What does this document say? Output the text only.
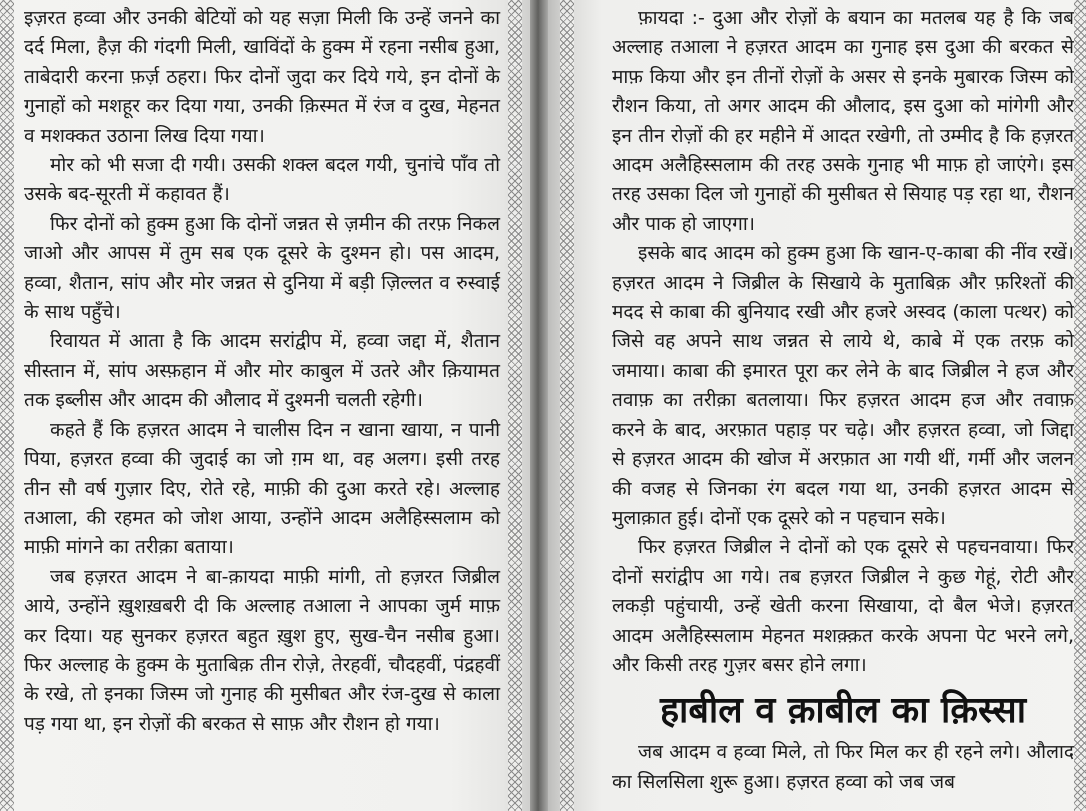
इज़रत हव्वा और उनकी बेटियों को यह सज़ा मिली कि उन्हें जनने का दर्द मिला, हैज़ की गंदगी मिली, खाविंदों के हुक्म में रहना नसीब हुआ, ताबेदारी करना फ़र्ज़ ठहरा। फिर दोनों जुदा कर दिये गये, इन दोनों के गुनाहों को मशहूर कर दिया गया, उनकी क़िस्मत में रंज व दुख, मेहनत व मशक्कत उठाना लिख दिया गया।

मोर को भी सजा दी गयी। उसकी शक्ल बदल गयी, चुनांचे पाँव तो उसके बद-सूरती में कहावत हैं।

फिर दोनों को हुक्म हुआ कि दोनों जन्नत से ज़मीन की तरफ़ निकल जाओ और आपस में तुम सब एक दूसरे के दुश्मन हो। पस आदम, हव्वा, शैतान, सांप और मोर जन्नत से दुनिया में बड़ी ज़िल्लत व रुस्वाई के साथ पहुँचे।

रिवायत में आता है कि आदम सरांद्वीप में, हव्वा जद्दा में, शैतान सीस्तान में, सांप अस्फ़हान में और मोर काबुल में उतरे और क़ियामत तक इब्लीस और आदम की औलाद में दुश्मनी चलती रहेगी।

कहते हैं कि हज़रत आदम ने चालीस दिन न खाना खाया, न पानी पिया, हज़रत हव्वा की जुदाई का जो ग़म था, वह अलग। इसी तरह तीन सौ वर्ष गुज़ार दिए, रोते रहे, माफ़ी की दुआ करते रहे। अल्लाह तआला, की रहमत को जोश आया, उन्होंने आदम अलैहिस्सलाम को माफ़ी मांगने का तरीक़ा बताया।

जब हज़रत आदम ने बा-क़ायदा माफ़ी मांगी, तो हज़रत जिब्रील आये, उन्होंने ख़ुशख़बरी दी कि अल्लाह तआला ने आपका जुर्म माफ़ कर दिया। यह सुनकर हज़रत बहुत ख़ुश हुए, सुख-चैन नसीब हुआ। फिर अल्लाह के हुक्म के मुताबिक़ तीन रोज़े, तेरहवीं, चौदहवीं, पंद्रहवीं के रखे, तो इनका जिस्म जो गुनाह की मुसीबत और रंज-दुख से काला पड़ गया था, इन रोज़ों की बरकत से साफ़ और रौशन हो गया।

फ़ायदा :- दुआ और रोज़ों के बयान का मतलब यह है कि जब अल्लाह तआला ने हज़रत आदम का गुनाह इस दुआ की बरकत से माफ़ किया और इन तीनों रोज़ों के असर से इनके मुबारक जिस्म को रौशन किया, तो अगर आदम की औलाद, इस दुआ को मांगेगी और इन तीन रोज़ों की हर महीने में आदत रखेगी, तो उम्मीद है कि हज़रत आदम अलैहिस्सलाम की तरह उसके गुनाह भी माफ़ हो जाएंगे। इस तरह उसका दिल जो गुनाहों की मुसीबत से सियाह पड़ रहा था, रौशन और पाक हो जाएगा।

इसके बाद आदम को हुक्म हुआ कि खान-ए-काबा की नींव रखें। हज़रत आदम ने जिब्रील के सिखाये के मुताबिक़ और फ़रिश्तों की मदद से काबा की बुनियाद रखी और हजरे अस्वद (काला पत्थर) को जिसे वह अपने साथ जन्नत से लाये थे, काबे में एक तरफ़ को जमाया। काबा की इमारत पूरा कर लेने के बाद जिब्रील ने हज और तवाफ़ का तरीक़ा बतलाया। फिर हज़रत आदम हज और तवाफ़ करने के बाद, अरफ़ात पहाड़ पर चढ़े। और हज़रत हव्वा, जो जिद्दा से हज़रत आदम की खोज में अरफ़ात आ गयी थीं, गर्मी और जलन की वजह से जिनका रंग बदल गया था, उनकी हज़रत आदम से मुलाक़ात हुई। दोनों एक दूसरे को न पहचान सके।

फिर हज़रत जिब्रील ने दोनों को एक दूसरे से पहचनवाया। फिर दोनों सरांद्वीप आ गये। तब हज़रत जिब्रील ने कुछ गेहूं, रोटी और लकड़ी पहुंचायी, उन्हें खेती करना सिखाया, दो बैल भेजे। हज़रत आदम अलैहिस्सलाम मेहनत मशक़्क़त करके अपना पेट भरने लगे, और किसी तरह गुज़र बसर होने लगा।

हाबील व क़ाबील का क़िस्सा

जब आदम व हव्वा मिले, तो फिर मिल कर ही रहने लगे। औलाद का सिलसिला शुरू हुआ। हज़रत हव्वा को जब जब
